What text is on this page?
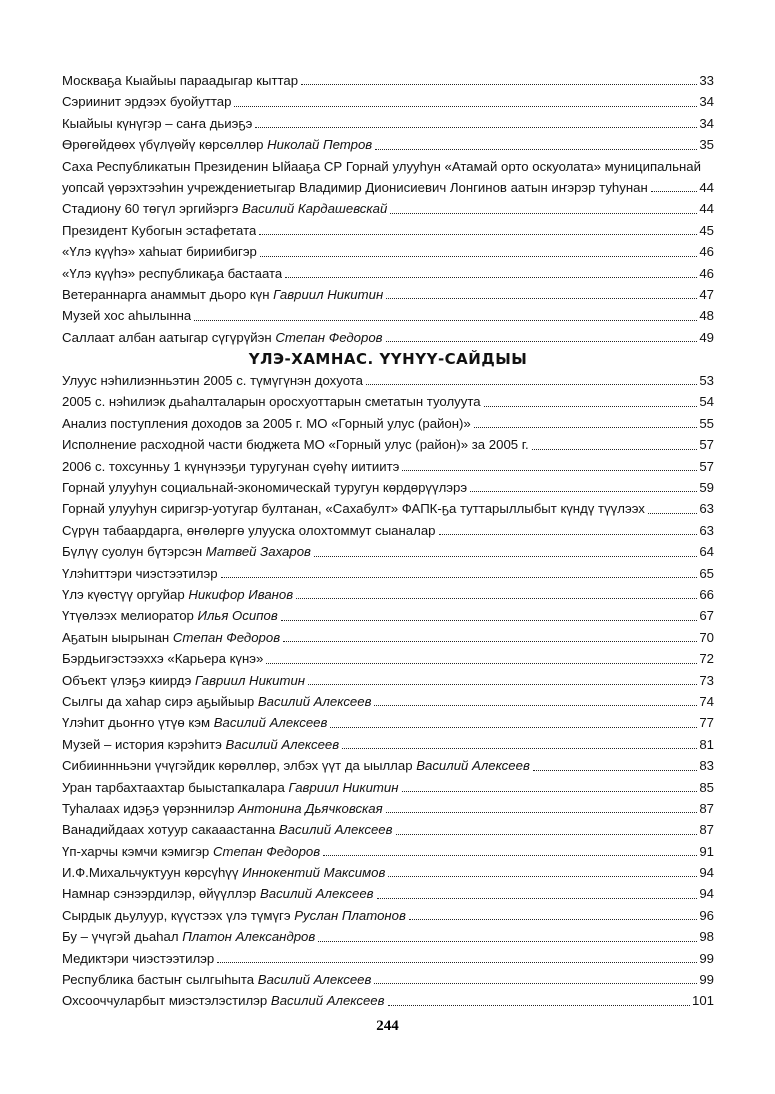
Москваҕа Кыайыы параадыгар кыттар	33
Сэриинит эрдээх буойуттар	34
Кыайыы күнүгэр – саҥа дьиэҕэ	34
Өрөгөйдөөх үбүлүөйү көрсөллөр Николай Петров	35
Саха Республикатын Президенин Ыйааҕа СР Горнай улууһун «Атамай орто оскуолата» муниципальнай
уопсай үөрэхтээһин учреждениетыгар Владимир Дионисиевич Лонгинов аатын иҥэрэр туһунан	44
Стадиону 60 төгүл эргийэргэ Василий Кардашевскай	44
Президент Кубогын эстафетата	45
«Үлэ күүһэ» хаһыат бириибигэр	46
«Үлэ күүһэ» республикаҕа бастаата	46
Ветераннарга анаммыт дьоро күн Гавриил Никитин	47
Музей хос аһылынна	48
Саллаат албан аатыгар сүгүрүйэн Степан Федоров	49
ҮЛЭ-ХАМНАС. ҮҮНҮҮ-САЙДЫЫ
Улуус нэһилиэнньэтин 2005 с. түмүгүнэн дохуота	53
2005 с. нэһилиэк дьаһалталарын оросхуоттарын сметатын туолуута	54
Анализ поступления доходов за 2005 г. МО «Горный улус (район)»	55
Исполнение расходной части бюджета МО «Горный улус (район)» за 2005 г.	57
2006 с. тохсунньу 1 күнүнээҕи туругунан сүөһү иитиитэ	57
Горнай улууһун социальнай-экономическай туругун көрдөрүүлэрэ	59
Горнай улууһун сиригэр-уотугар бултанан, «Сахабулт» ФАПК-ҕа туттарыллыбыт күндү түүлээх	63
Сүрүн табаардарга, өҥөлөргө улууска олохтоммут сыаналар	63
Бүлүү суолун бүтэрсэн Матвей Захаров	64
Үлэһиттэри чиэстээтилэр	65
Үлэ күөстүү оргуйар Никифор Иванов	66
Үтүөлээх мелиоратор Илья Осипов	67
Аҕатын ыырынан Степан Федоров	70
Бэрдьигэстээххэ «Карьера күнэ»	72
Объект үлэҕэ киирдэ Гавриил Никитин	73
Сылгы да хаһар сирэ аҕыйыыр Василий Алексеев	74
Үлэһит дьоҥҥо үтүө кэм Василий Алексеев	77
Музей – история кэрэһитэ Василий Алексеев	81
Сибииннньэни үчүгэйдик көрөллөр, элбэх үүт да ыыллар Василий Алексеев	83
Уран тарбахтаахтар быыстапкалара Гавриил Никитин	85
Туһалаах идэҕэ үөрэннилэр Антонина Дьячковская	87
Ванадийдаах хотуур сакааастанна Василий Алексеев	87
Үп-харчы кэмчи кэмигэр Степан Федоров	91
И.Ф.Михальчуктуун көрсүһүү Иннокентий Максимов	94
Намнар сэнээрдилэр, өйүүллэр Василий Алексеев	94
Сырдык дьулуур, күүстээх үлэ түмүгэ Руслан Платонов	96
Бу – үчүгэй дьаһал Платон Александров	98
Медиктэри чиэстээтилэр	99
Республика бастыҥ сылгыһыта Василий Алексеев	99
Охсооччуларбыт миэстэлэстилэр Василий Алексеев	101
244
